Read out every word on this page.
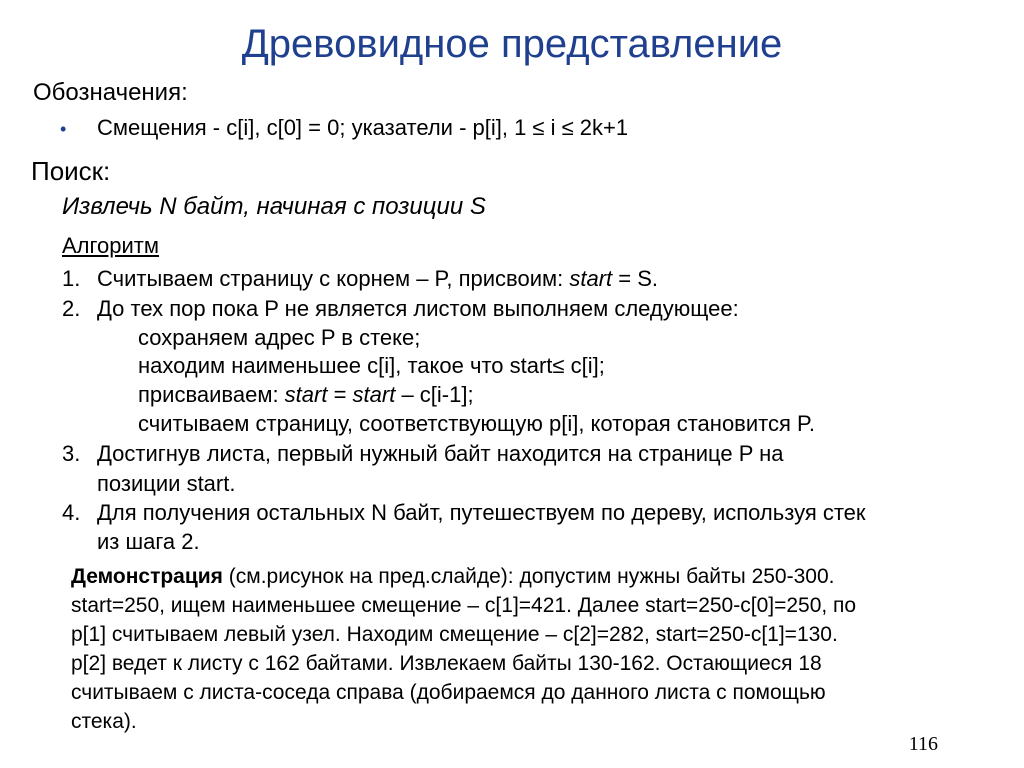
Древовидное представление
Обозначения:
• Смещения - c[i], c[0] = 0; указатели - p[i], 1 ≤ i ≤ 2k+1
Поиск:
Извлечь N байт, начиная с позиции S
Алгоритм
1. Считываем страницу с корнем – P, присвоим: start = S.
2. До тех пор пока P не является листом выполняем следующее:
сохраняем адрес P в стеке;
находим наименьшее c[i], такое что start≤ c[i];
присваиваем: start = start – c[i-1];
считываем страницу, соответствующую p[i], которая становится P.
3. Достигнув листа, первый нужный байт находится на странице P на
позиции start.
4. Для получения остальных N байт, путешествуем по дереву, используя стек
из шага 2.
Демонстрация (см.рисунок на пред.слайде): допустим нужны байты 250-300.
start=250, ищем наименьшее смещение – c[1]=421. Далее start=250-c[0]=250, по
p[1] считываем левый узел. Находим смещение – c[2]=282, start=250-c[1]=130.
p[2] ведет к листу с 162 байтами. Извлекаем байты 130-162. Остающиеся 18
считываем с листа-соседа справа (добираемся до данного листа с помощью
стека).
116
